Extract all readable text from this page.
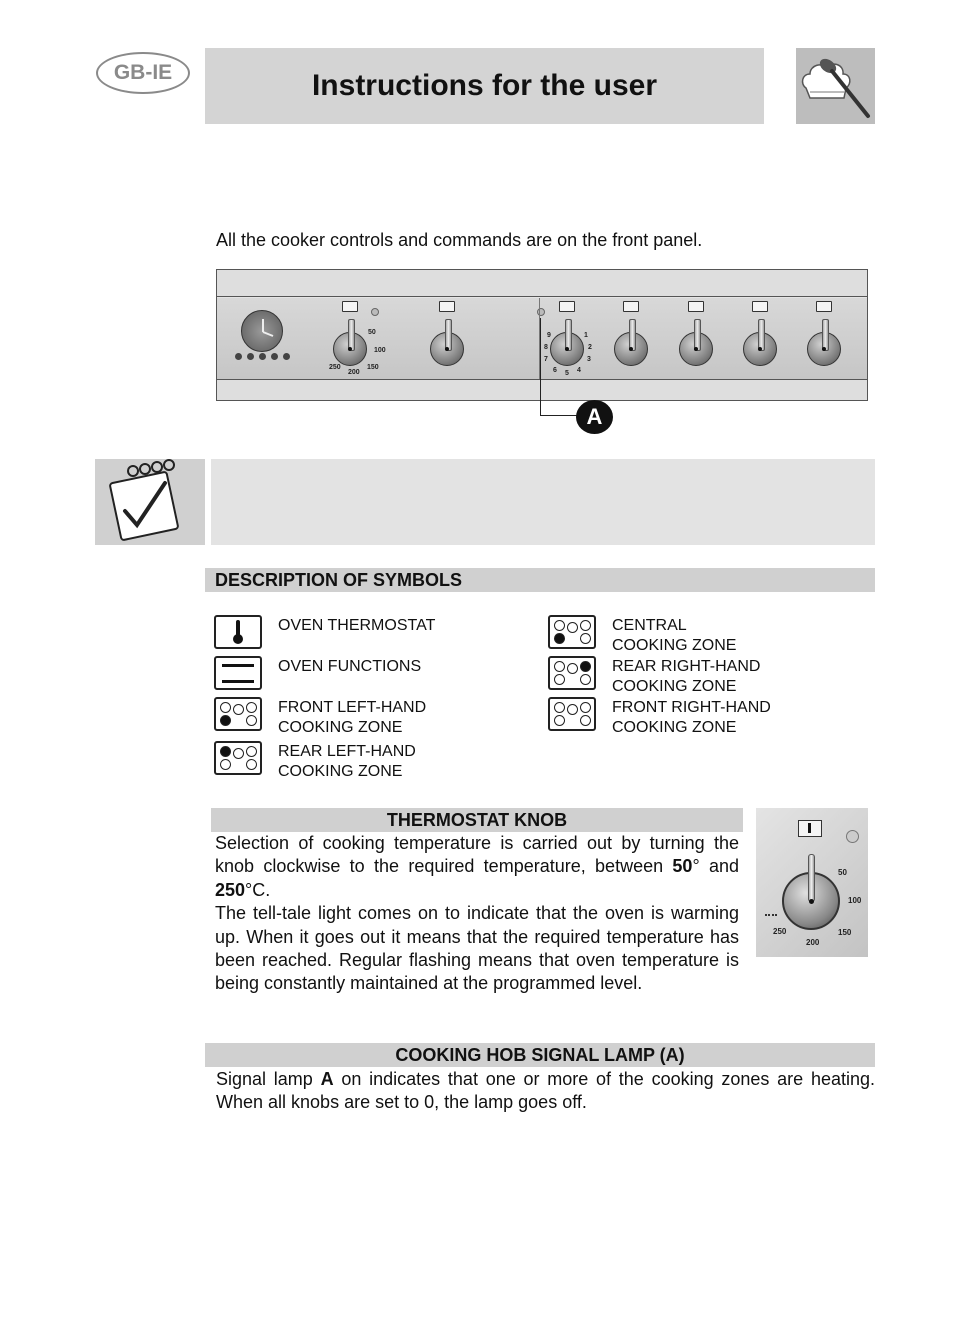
GB-IE	Instructions for the user
All the cooker controls and commands are on the front panel.
50
100
150
200
250
9	1
8	2
7	3
6 5 4
A
DESCRIPTION OF SYMBOLS
OVEN THERMOSTAT
OVEN FUNCTIONS
FRONT LEFT-HAND
COOKING ZONE
REAR LEFT-HAND
COOKING ZONE
CENTRAL
COOKING ZONE
REAR RIGHT-HAND
COOKING ZONE
FRONT RIGHT-HAND
COOKING ZONE
THERMOSTAT KNOB
Selection of cooking temperature is carried out by turning the knob clockwise to the required temperature, between 50° and 250°C.
The tell-tale light comes on to indicate that the oven is warming up. When it goes out it means that the required temperature has been reached. Regular flashing means that oven temperature is being constantly maintained at the programmed level.
50
100
150
200
250
COOKING HOB SIGNAL LAMP (A)
Signal lamp A on indicates that one or more of the cooking zones are heating. When all knobs are set to 0, the lamp goes off.
